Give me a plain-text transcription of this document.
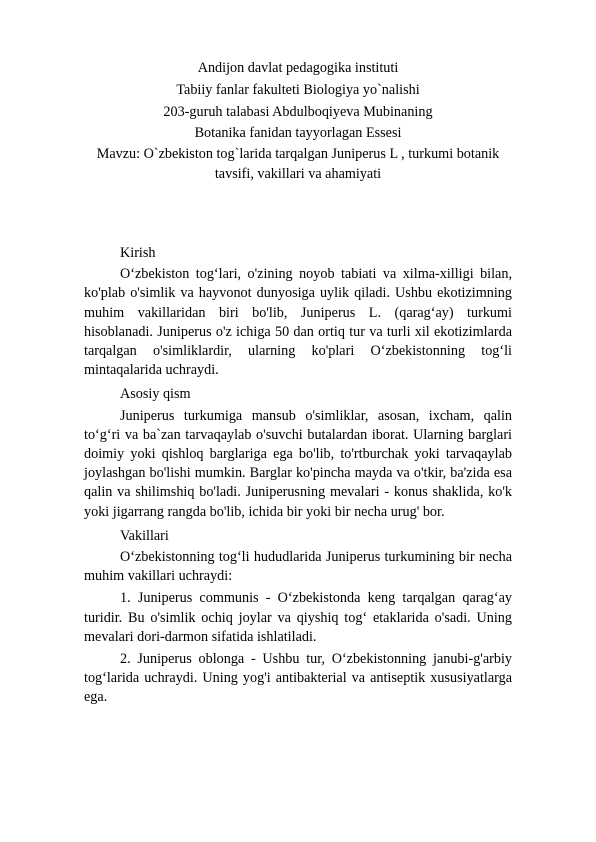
Andijon davlat pedagogika instituti
Tabiiy fanlar fakulteti Biologiya yo`nalishi
203-guruh talabasi Abdulboqiyeva Mubinaning
Botanika fanidan tayyorlagan Essesi
Mavzu: O`zbekiston tog`larida tarqalgan Juniperus L , turkumi botanik tavsifi, vakillari va ahamiyati

Kirish

O‘zbekiston tog‘lari, o'zining noyob tabiati va xilma-xilligi bilan, ko'plab o'simlik va hayvonot dunyosiga uylik qiladi. Ushbu ekotizimning muhim vakillaridan biri bo'lib, Juniperus L. (qarag‘ay) turkumi hisoblanadi. Juniperus o'z ichiga 50 dan ortiq tur va turli xil ekotizimlarda tarqalgan o'simliklardir, ularning ko'plari O‘zbekistonning tog‘li mintaqalarida uchraydi.

Asosiy qism

Juniperus turkumiga mansub o'simliklar, asosan, ixcham, qalin to‘g‘ri va ba`zan tarvaqaylab o'suvchi butalardan iborat. Ularning barglari doimiy yoki qishloq barglariga ega bo'lib, to'rtburchak yoki tarvaqaylab joylashgan bo'lishi mumkin. Barglar ko'pincha mayda va o'tkir, ba'zida esa qalin va shilimshiq bo'ladi. Juniperusning mevalari - konus shaklida, ko'k yoki jigarrang rangda bo'lib, ichida bir yoki bir necha urug' bor.

Vakillari

O‘zbekistonning tog‘li hududlarida Juniperus turkumining bir necha muhim vakillari uchraydi:

1. Juniperus communis - O‘zbekistonda keng tarqalgan qarag‘ay turidir. Bu o'simlik ochiq joylar va qiyshiq tog‘ etaklarida o'sadi. Uning mevalari dori-darmon sifatida ishlatiladi.

2. Juniperus oblonga - Ushbu tur, O‘zbekistonning janubi-g'arbiy tog‘larida uchraydi. Uning yog'i antibakterial va antiseptik xususiyatlarga ega.
